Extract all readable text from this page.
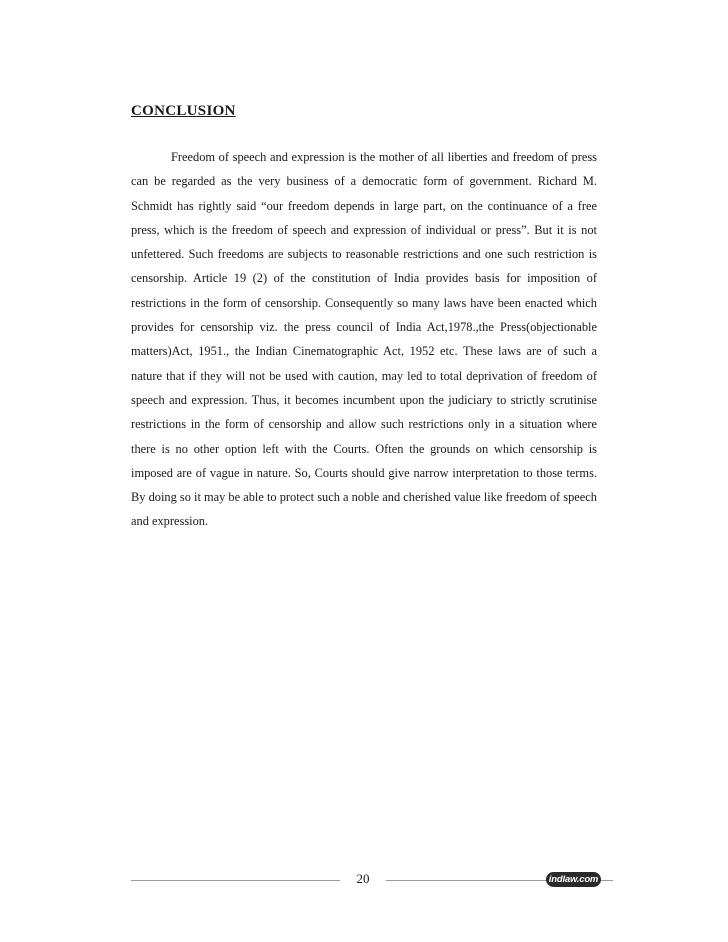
CONCLUSION

Freedom of speech and expression is the mother of all liberties and freedom of press can be regarded as the very business of a democratic form of government. Richard M. Schmidt has rightly said “our freedom depends in large part, on the continuance of a free press, which is the freedom of speech and expression of individual or press”. But it is not unfettered. Such freedoms are subjects to reasonable restrictions and one such restriction is censorship. Article 19 (2) of the constitution of India provides basis for imposition of restrictions in the form of censorship. Consequently so many laws have been enacted which provides for censorship viz. the press council of India Act,1978.,the Press(objectionable matters)Act, 1951., the Indian Cinematographic Act, 1952 etc. These laws are of such a nature that if they will not be used with caution, may led to total deprivation of freedom of speech and expression. Thus, it becomes incumbent upon the judiciary to strictly scrutinise restrictions in the form of censorship and allow such restrictions only in a situation where there is no other option left with the Courts. Often the grounds on which censorship is imposed are of vague in nature. So, Courts should give narrow interpretation to those terms. By doing so it may be able to protect such a noble and cherished value like freedom of speech and expression.

20	indlaw.com
